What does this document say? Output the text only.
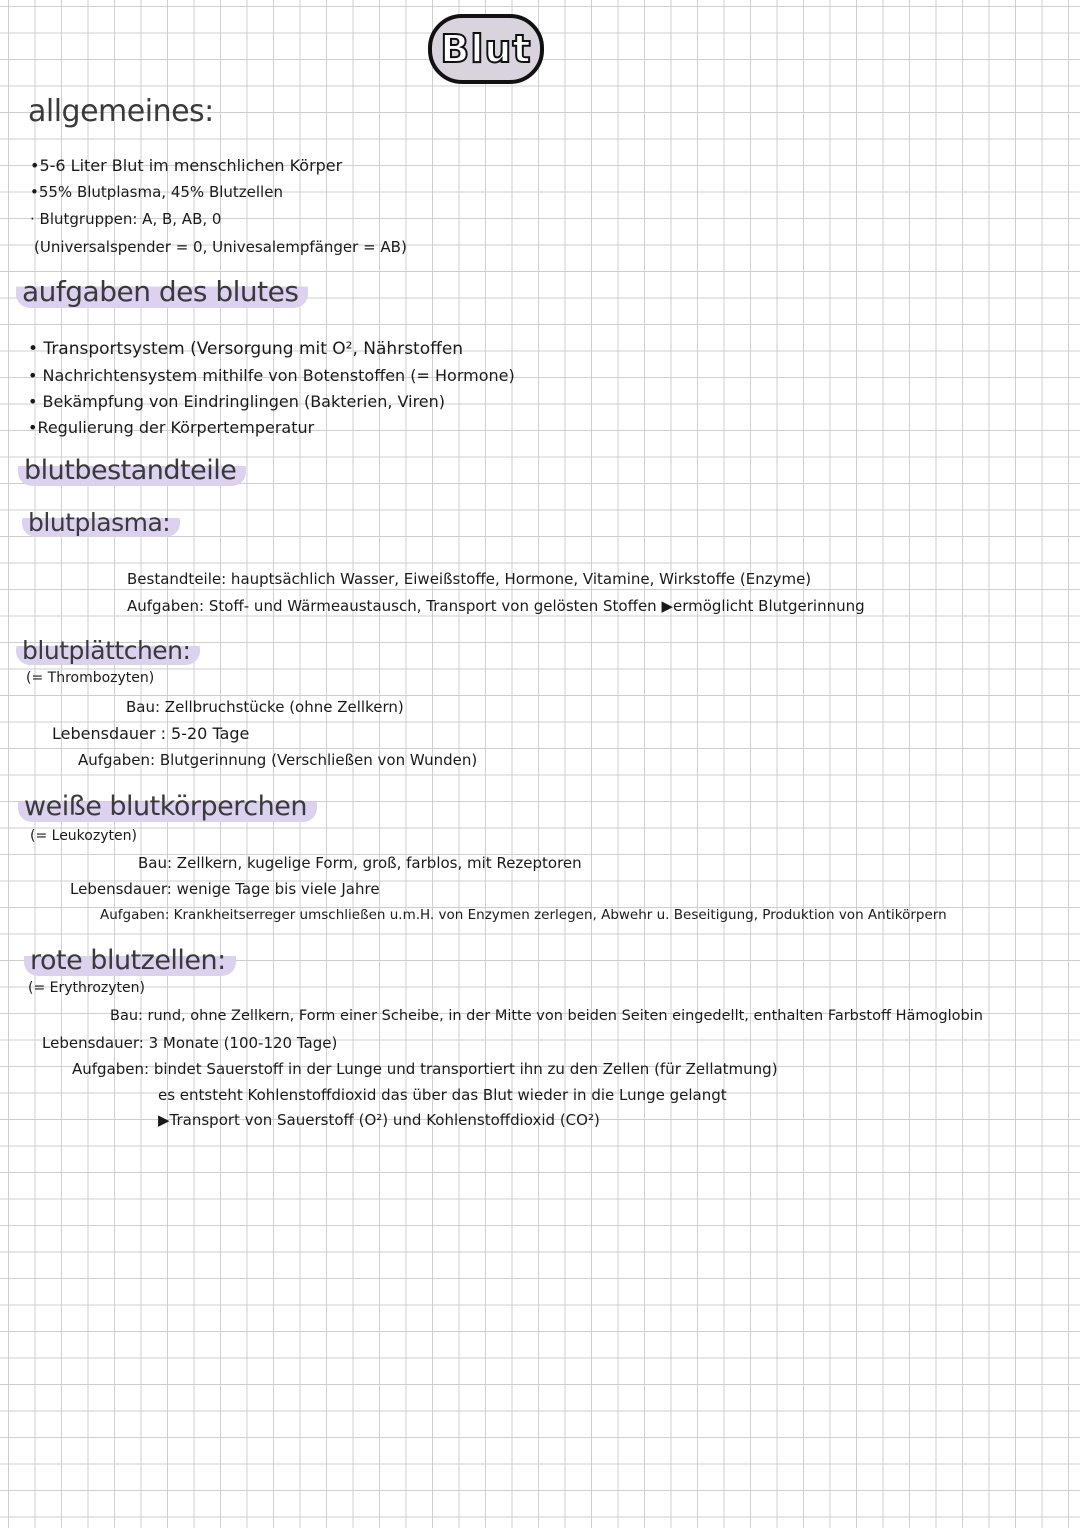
Blut
allgemeines:
•5-6 Liter Blut im menschlichen Körper
•55% Blutplasma, 45% Blutzellen
· Blutgruppen: A, B, AB, 0
(Universalspender = 0, Univesalempfänger = AB)
aufgaben des blutes
• Transportsystem (Versorgung mit O², Nährstoffen
• Nachrichtensystem mithilfe von Botenstoffen (= Hormone)
• Bekämpfung von Eindringlingen (Bakterien, Viren)
•Regulierung der Körpertemperatur
blutbestandteile
blutplasma:
Bestandteile: hauptsächlich Wasser, Eiweißstoffe, Hormone, Vitamine, Wirkstoffe (Enzyme)
Aufgaben: Stoff- und Wärmeaustausch, Transport von gelösten Stoffen ▶ermöglicht Blutgerinnung
blutplättchen:
(= Thrombozyten)
Bau: Zellbruchstücke (ohne Zellkern)
Lebensdauer : 5-20 Tage
Aufgaben: Blutgerinnung (Verschließen von Wunden)
weiße blutkörperchen
(= Leukozyten)
Bau: Zellkern, kugelige Form, groß, farblos, mit Rezeptoren
Lebensdauer: wenige Tage bis viele Jahre
Aufgaben: Krankheitserreger umschließen u.m.H. von Enzymen zerlegen, Abwehr u. Beseitigung, Produktion von Antikörpern
rote blutzellen:
(= Erythrozyten)
Bau: rund, ohne Zellkern, Form einer Scheibe, in der Mitte von beiden Seiten eingedellt, enthalten Farbstoff Hämoglobin
Lebensdauer: 3 Monate (100-120 Tage)
Aufgaben: bindet Sauerstoff in der Lunge und transportiert ihn zu den Zellen (für Zellatmung)
es entsteht Kohlenstoffdioxid das über das Blut wieder in die Lunge gelangt
▶Transport von Sauerstoff (O²) und Kohlenstoffdioxid (CO²)
